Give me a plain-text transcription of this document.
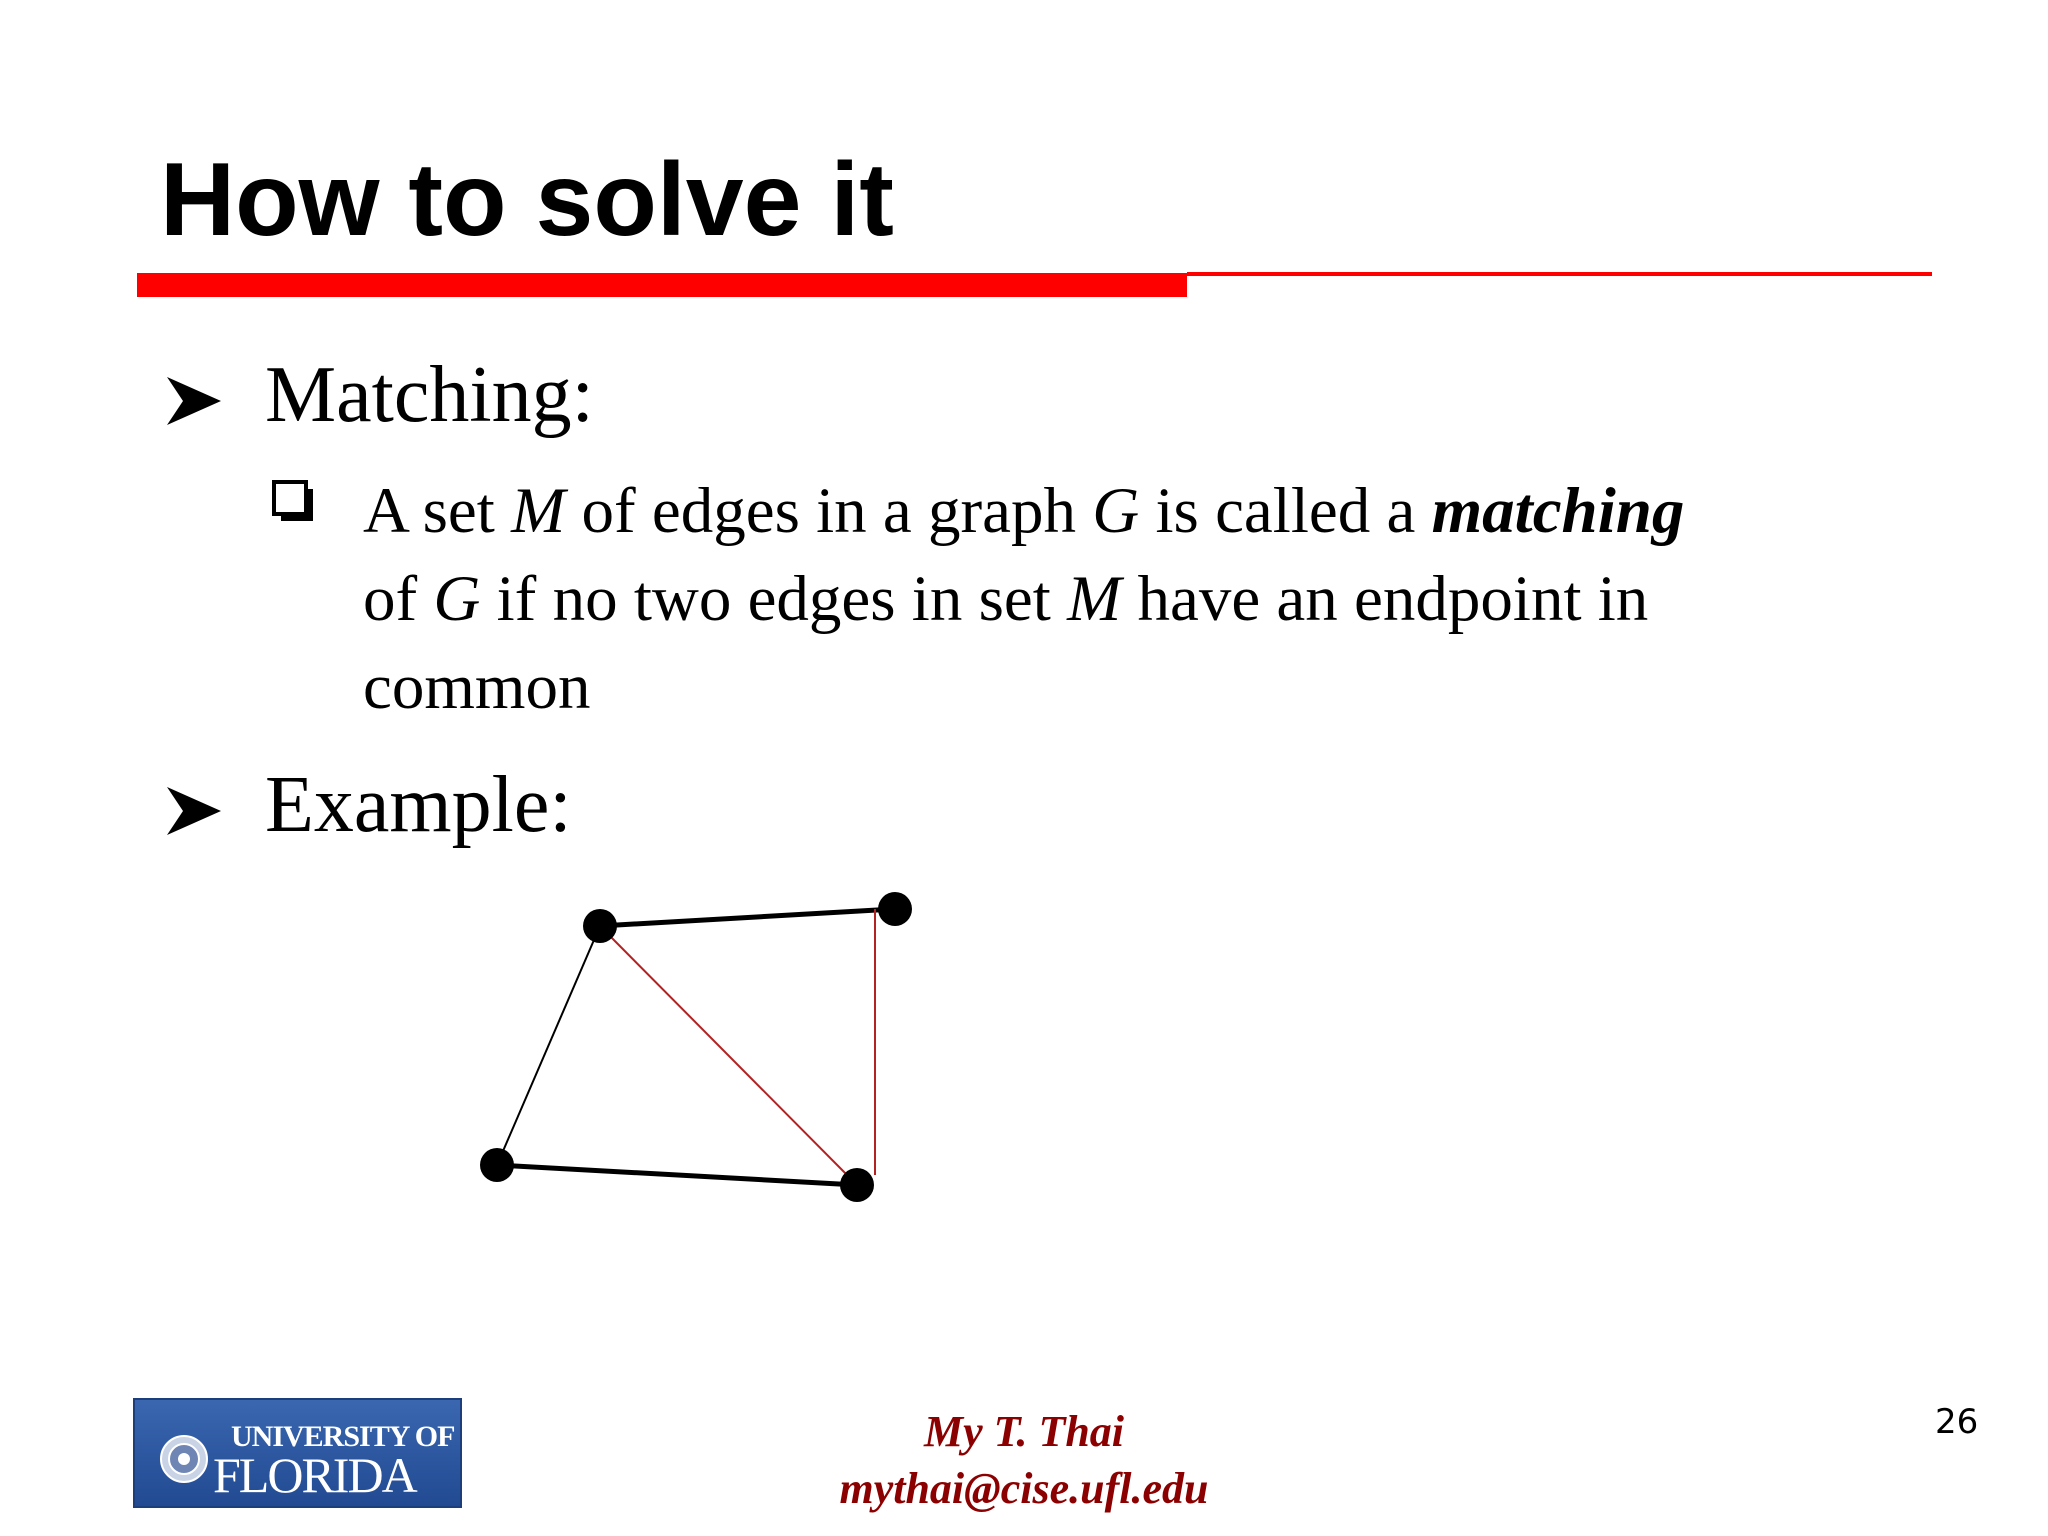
How to solve it
Matching:
A set M of edges in a graph G is called a matching
of G if no two edges in set M have an endpoint in
common
Example:
UNIVERSITY OF
FLORIDA
My T. Thai
mythai@cise.ufl.edu
26
